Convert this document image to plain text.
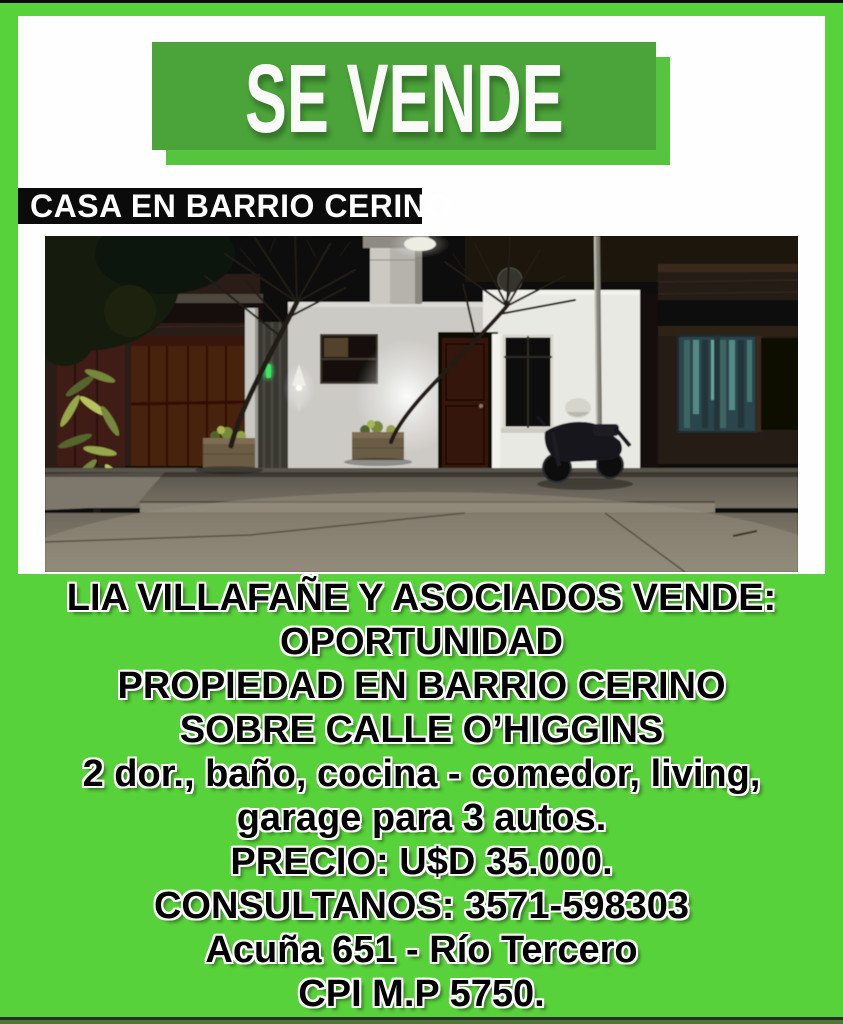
SE VENDE
CASA EN BARRIO CERINO
LIA VILLAFAÑE Y ASOCIADOS VENDE:
OPORTUNIDAD
PROPIEDAD EN BARRIO CERINO
SOBRE CALLE O’HIGGINS
2 dor., baño, cocina - comedor, living,
garage para 3 autos.
PRECIO: U$D 35.000.
CONSULTANOS: 3571-598303
Acuña 651 - Río Tercero
CPI M.P 5750.
